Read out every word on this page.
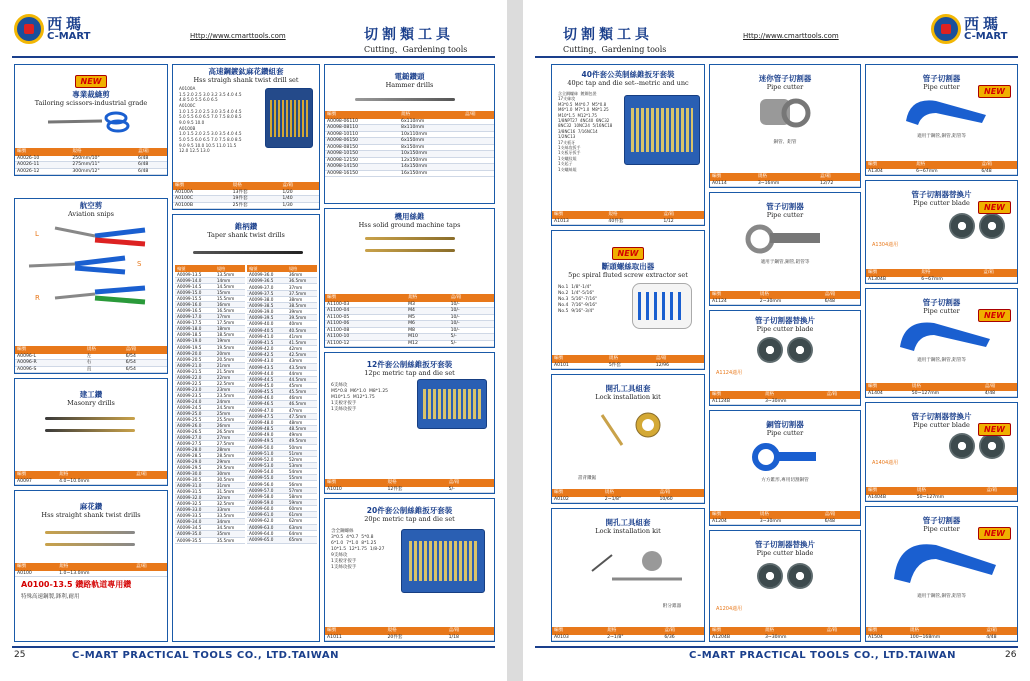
西瑪
C-MART	Http://www.cmarttools.com	切割類工具
Cutting、Gardening tools
NEW
專業裁縫剪
Tailoring scissors-industrial grade
編號	規格	盒/箱
A0026-10	250mm/10"	6/48
A0026-11	275mm/11"	6/48
A0026-12	300mm/12"	6/48
航空剪
Aviation snips
L
S
R
編號	規格	盒/箱
A0096-L	左	6/54
A0096-R	右	6/54
A0096-S	直	6/54
建工鑽
Masonry drills
編號	規格	盒/箱
A0097	4.0~10.0mm	
麻花鑽
Hss straight shank twist drills
編號	規格	盒/箱
A0100	1.0~13.0mm	
A0100-13.5 鑽路軌道專用鑽
特殊高速鋼製,鋒利,耐用
高速鋼鍍鈦麻花鑽組套
Hss straigh shank twist drill set
A0100A
1.5 2.0 2.5 3.0 3.2 3.5 4.0 4.5
4.8 5.0 5.5 6.0 6.5
A0100C
1.0 1.5 2.0 2.5 3.0 3.5 4.0 4.5
5.0 5.5 6.0 6.5 7.0 7.5 8.0 8.5
9.0 9.5 10.0
A0100B
1.0 1.5 2.0 2.5 3.0 3.5 4.0 4.5
5.0 5.5 6.0 6.5 7.0 7.5 8.0 8.5
9.0 9.5 10.0 10.5 11.0 11.5
12.0 12.5 13.0
編號	規格	盒/箱
A0100A	13件套	1/20
A0100C	19件套	1/40
A0100B	25件套	1/30
錐柄鑽
Taper shank twist drills
編號	規格
A0099-13.5	13.5mm
A0099-14.0	14mm
A0099-14.5	14.5mm
A0099-15.0	15mm
A0099-15.5	15.5mm
A0099-16.0	16mm
A0099-16.5	16.5mm
A0099-17.0	17mm
A0099-17.5	17.5mm
A0099-18.0	18mm
A0099-18.5	18.5mm
A0099-19.0	19mm
A0099-19.5	19.5mm
A0099-20.0	20mm
A0099-20.5	20.5mm
A0099-21.0	21mm
A0099-21.5	21.5mm
A0099-22.0	22mm
A0099-22.5	22.5mm
A0099-23.0	23mm
A0099-23.5	23.5mm
A0099-24.0	24mm
A0099-24.5	24.5mm
A0099-25.0	25mm
A0099-25.5	25.5mm
A0099-26.0	26mm
A0099-26.5	26.5mm
A0099-27.0	27mm
A0099-27.5	27.5mm
A0099-28.0	28mm
A0099-28.5	28.5mm
A0099-29.0	29mm
A0099-29.5	29.5mm
A0099-30.0	30mm
A0099-30.5	30.5mm
A0099-31.0	31mm
A0099-31.5	31.5mm
A0099-32.0	32mm
A0099-32.5	32.5mm
A0099-33.0	33mm
A0099-33.5	33.5mm
A0099-34.0	34mm
A0099-34.5	34.5mm
A0099-35.0	35mm
A0099-35.5	35.5mm
編號	規格
A0099-36.0	36mm
A0099-36.5	36.5mm
A0099-37.0	37mm
A0099-37.5	37.5mm
A0099-38.0	38mm
A0099-38.5	38.5mm
A0099-39.0	39mm
A0099-39.5	39.5mm
A0099-40.0	40mm
A0099-40.5	40.5mm
A0099-41.0	41mm
A0099-41.5	41.5mm
A0099-42.0	42mm
A0099-42.5	42.5mm
A0099-43.0	43mm
A0099-43.5	43.5mm
A0099-44.0	44mm
A0099-44.5	44.5mm
A0099-45.0	45mm
A0099-45.5	45.5mm
A0099-46.0	46mm
A0099-46.5	46.5mm
A0099-47.0	47mm
A0099-47.5	47.5mm
A0099-48.0	48mm
A0099-48.5	48.5mm
A0099-49.0	49mm
A0099-49.5	49.5mm
A0099-50.0	50mm
A0099-51.0	51mm
A0099-52.0	52mm
A0099-53.0	53mm
A0099-54.0	54mm
A0099-55.0	55mm
A0099-56.0	56mm
A0099-57.0	57mm
A0099-58.0	58mm
A0099-59.0	59mm
A0099-60.0	60mm
A0099-61.0	61mm
A0099-62.0	62mm
A0099-63.0	63mm
A0099-64.0	64mm
A0099-65.0	65mm
電鎚鑽頭
Hammer drills
編號	規格	盒/箱
A0098-06110	6x110mm	
A0098-08110	8x110mm	
A0098-10110	10x110mm	
A0098-06150	6x150mm	
A0098-08150	8x150mm	
A0098-10150	10x150mm	
A0098-12150	12x150mm	
A0098-14150	14x150mm	
A0098-16150	16x150mm	
機用絲錐
Hss solid ground machine taps
編號	規格	盒/箱
A1100-03	M3	10/-
A1100-04	M4	10/-
A1100-05	M5	10/-
A1100-06	M6	10/-
A1100-08	M8	10/-
A1100-10	M10	5/-
A1100-12	M12	5/-
12件套公制絲錐扳牙套裝
12pc metric tap and die set
6支絲攻
M5*0.8  M6*1.0  M8*1.25
M10*1.5  M12*1.75
1支板牙扳手
1支絲攻扳手
編號	規格	盒/箱
A1010	12件套	5/-
20件套公制絲錐扳牙套裝
20pc metric tap and die set
含全鋼螺絲
3*0.5  4*0.7  5*0.8
6*1.0  7*1.0  8*1.25
10*1.5  12*1.75  1/8-27
9支絲攻
1支板牙扳手
1支絲攻扳手
編號	規格	盒/箱
A1011	20件套	1/18
25	C-MART PRACTICAL TOOLS CO., LTD.TAIWAN
切割類工具
Cutting、Gardening tools
Http://www.cmarttools.com
西瑪
C-MART
40件套公英制絲錐扳牙套裝
40pc tap and die set--metric and unc
含全鋼螺絲  鍍鋼包裝
17支絲攻
M3*0.5  M4*0.7  M5*0.8
M6*1.0  M7*1.0  M8*1.25
M10*1.5  M12*1.75
1/8NPT27  4NC40  6NC32
8NC32  10NC24  5/16NC18
3/8NC16  7/16NC14
1/2NC13
17支板牙
1支絲攻扳手
1支板牙扳手
1支螺紋規
1支起子
1支螺絲規
編號	規格	盒/箱
A1013	40件套	1/12
NEW
斷頭螺絲取出器
5pc spiral fluted screw extractor set
No.1  1/8"-1/4"
No.2  1/4"-5/16"
No.3  5/16"-7/16"
No.4  7/16"-9/16"
No.5  9/16"-3/4"
編號	規格	盒/箱
A0101	5件套	12/96
開孔工具組套
Lock installation kit
書背鑽鋸
編號	規格	盒/箱
A0102	2~1/8"	10/60
開孔工具組套
Lock installation kit
附分錐器
編號	規格	盒/箱
A0103	2~1/8"	6/36
迷你管子切割器
Pipe cutter
銅管、鋁管
編號	規格	盒/箱
A0114	3~16mm	12/72
管子切割器
Pipe cutter
適用于鋼管,銅管,鋁管等
編號	規格	盒/箱
A1124	2~30mm	6/48
管子切割器替換片
Pipe cutter blade
A1124適用
編號	規格	盒/箱
A1124B	3~30mm	
銅管切割器
Pipe cutter
方方錐形,專用切割銅管
編號	規格	盒/箱
A1204	3~30mm	6/48
管子切割器替換片
Pipe cutter blade
A1204適用
編號	規格	盒/箱
A1204B	3~30mm	
NEW
管子切割器
Pipe cutter
適用于鋼管,銅管,鋁管等
編號	規格	盒/箱
A1304	6~67mm	6/48
NEW
管子切割器替換片
Pipe cutter blade
A1304適用
編號	規格	盒/箱
A1304B	6~67mm	
NEW
管子切割器
Pipe cutter
適用于鋼管,銅管,鋁管等
編號	規格	盒/箱
A1404	50~127mm	4/48
NEW
管子切割器替換片
Pipe cutter blade
A1404適用
編號	規格	盒/箱
A1404B	50~127mm	
NEW
管子切割器
Pipe cutter
適用于鋼管,銅管,鋁管等
編號	規格	盒/箱
A1504	100~168mm	4/48
C-MART PRACTICAL TOOLS CO., LTD.TAIWAN	26
